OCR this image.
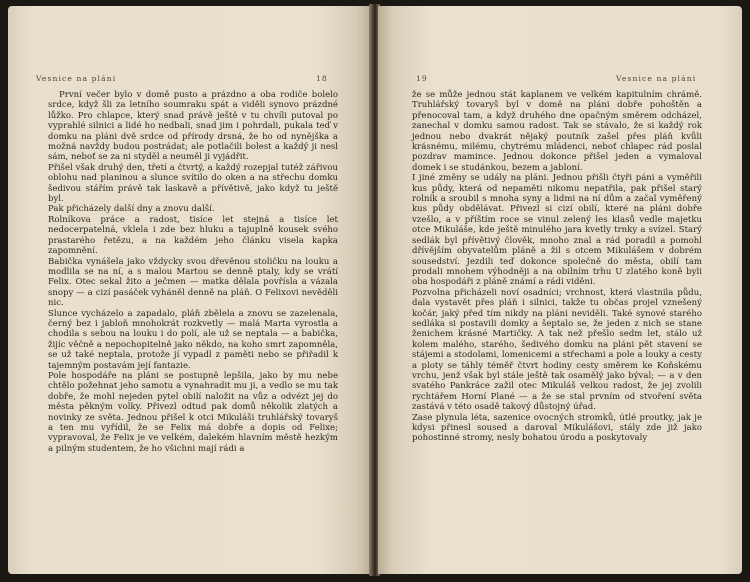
Vesnice na pláni	18

První večer bylo v domě pusto a prázdno a oba rodiče bolelo srdce, když šli za letního soumraku spát a viděli synovo prázdné lůžko. Pro chlapce, který snad právě ještě v tu chvíli putoval po vyprahlé silnici a lidé ho nedbali, snad jim i pohrdali, pukala teď v domku na pláni dvě srdce od přírody drsná, že ho od nynějška a možná navždy budou postrádat; ale potlačili bolest a každý ji nesl sám, neboť se za ni styděl a neuměl ji vyjádřit.

Přišel však druhý den, třetí a čtvrtý, a každý rozepjal tutéž zářivou oblohu nad planinou a slunce svítilo do oken a na střechu domku šedivou stářím právě tak laskavě a přívětivě, jako když tu ještě byl.

Pak přicházely další dny a znovu další.

Rolníkova práce a radost, tisíce let stejná a tisíce let nedocerpatelná, vklela i zde bez hluku a tajuplně kousek svého prastarého řetězu, a na každém jeho článku visela kapka zapomnění.

Babička vynášela jako vždycky svou dřevěnou stoličku na louku a modlila se na ní, a s malou Martou se denně ptaly, kdy se vrátí Felix. Otec sekal žito a ječmen — matka dělala povřísla a vázala snopy — a cizí pasáček vyháněl denně na pláň. O Felixovi nevěděli nic.

Slunce vycházelo a zapadalo, pláň zbělela a znovu se zazelenala, černý bez i jabloň mnohokrát rozkvetly — malá Marta vyrostla a chodila s sebou na louku i do polí, ale už se neptala — a babička, žijíc věčně a nepochopitelně jako někdo, na koho smrt zapomněla, se už také neptala, protože jí vypadl z paměti nebo se přiřadil k tajemným postavám její fantazie.

Pole hospodáře na pláni se postupně lepšila, jako by mu nebe chtělo požehnat jeho samotu a vynahradit mu ji, a vedlo se mu tak dobře, že mohl nejeden pytel obilí naložit na vůz a odvézt jej do města pěkným volky. Přivezl odtud pak domů několik zlatých a novinky ze světa. Jednou přišel k otci Mikuláši truhlářský tovaryš a ten mu vyřídil, že se Felix má dobře a dopis od Felixe; vypravoval, že Felix je ve velkém, dalekém hlavním městě hezkým a pilným studentem, že ho všichni mají rádi a

19	Vesnice na pláni

že se může jednou stát kaplanem ve velkém kapitulním chrámě. Truhlářský tovaryš byl v domě na pláni dobře pohoštěn a přenocoval tam, a když druhého dne opačným směrem odcházel, zanechal v domku samou radost. Tak se stávalo, že si každý rok jednou nebo dvakrát nějaký poutník zašel přes pláň kvůli krásnému, milému, chytrému mládenci, neboť chlapec rád poslal pozdrav mamince. Jednou dokonce přišel jeden a vymaloval domek i se studánkou, bezem a jabloní.

I jiné změny se udály na pláni. Jednou přišli čtyři páni a vyměřili kus půdy, která od nepaměti nikomu nepatřila, pak přišel starý rolník a sroubil s mnoha syny a lidmi na ní dům a začal vyměřený kus půdy obdělávat. Přivezl si cizí obilí, které na pláni dobře vzešlo, a v příštím roce se vinul zelený les klasů vedle majetku otce Mikuláše, kde ještě minulého jara kvetly trnky a svízel. Starý sedlák byl přívětivý člověk, mnoho znal a rád poradil a pomohl dřívějším obyvatelům pláně a žil s otcem Mikulášem v dobrém sousedství. Jezdili teď dokonce společně do města, obilí tam prodali mnohem výhodněji a na obilním trhu U zlatého koně byli oba hospodáři z pláně známí a rádi viděni.

Pozvolna přicházeli noví osadníci; vrchnost, která vlastnila půdu, dala vystavět přes pláň i silnici, takže tu občas projel vznešený kočár, jaký před tím nikdy na pláni neviděli. Také synové starého sedláka si postavili domky a šeptalo se, že jeden z nich se stane ženichem krásné Martičky. A tak než přešlo sedm let, stálo už kolem malého, starého, šedivého domku na pláni pět stavení se stájemi a stodolami, lomenicemi a střechami a pole a louky a cesty a ploty se táhly téměř čtvrt hodiny cesty směrem ke Koňskému vrchu, jenž však byl stále ještě tak osamělý jako býval; — a v den svatého Pankráce zažil otec Mikuláš velkou radost, že jej zvolili rychtářem Horní Plané — a že se stal prvním od stvoření světa zastává v této osadě takový důstojný úřad.

Zase plynula léta, sazenice ovocných stromků, útlé proutky, jak je kdysi přinesl soused a daroval Mikulášovi, stály zde již jako pohostinné stromy, nesly bohatou úrodu a poskytovaly
